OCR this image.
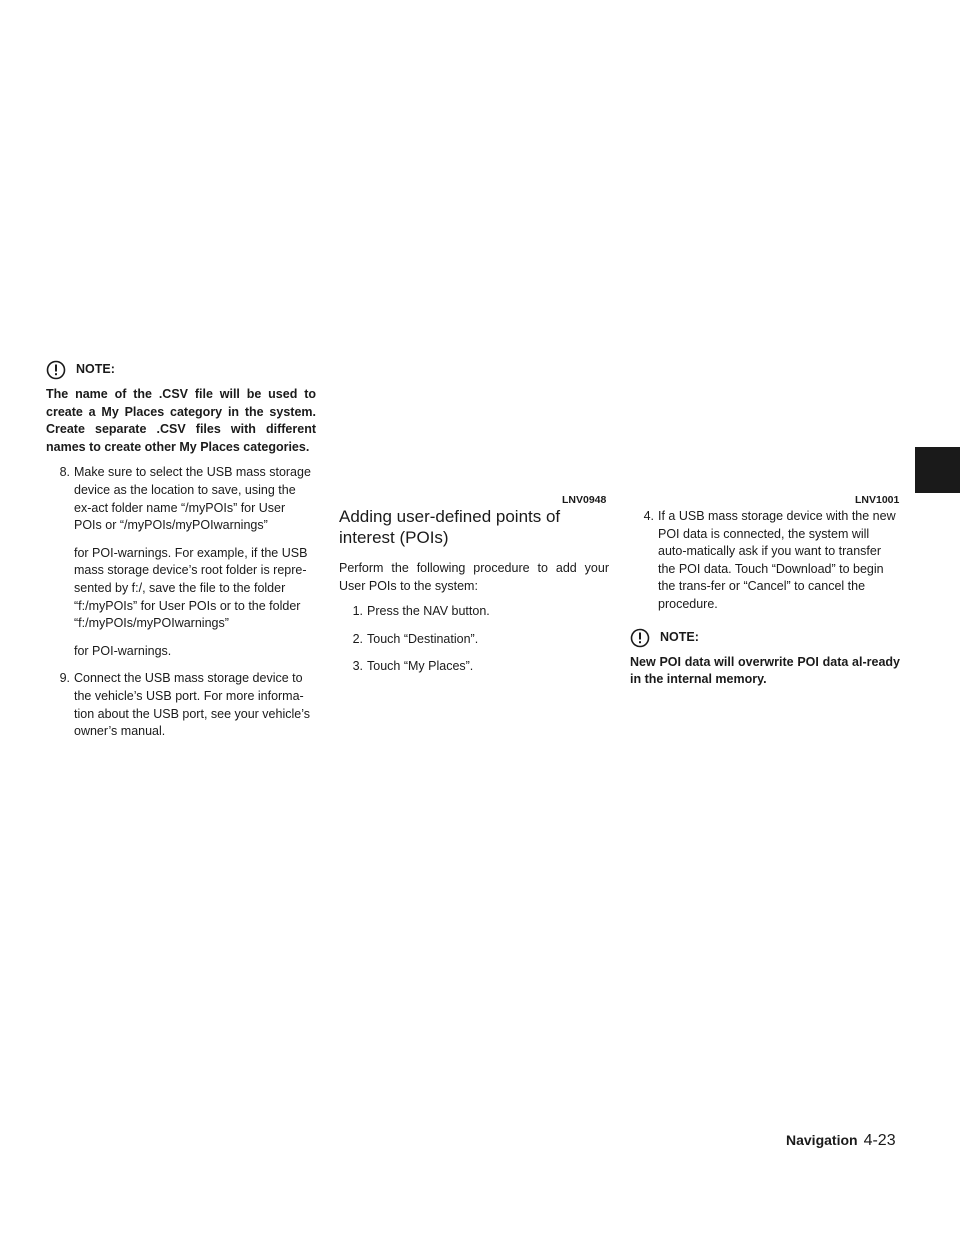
NOTE:
The name of the .CSV file will be used to create a My Places category in the system. Create separate .CSV files with different names to create other My Places categories.
8. Make sure to select the USB mass storage device as the location to save, using the ex-act folder name “/myPOIs” for User POIs or “/myPOIs/myPOIwarnings”
for POI-warnings. For example, if the USB mass storage device’s root folder is repre-sented by f:/, save the file to the folder “f:/myPOIs” for User POIs or to the folder “f:/myPOIs/myPOIwarnings”
for POI-warnings.
9. Connect the USB mass storage device to the vehicle’s USB port. For more informa-tion about the USB port, see your vehicle’s owner’s manual.
LNV0948	LNV1001
Adding user-defined points of interest (POIs)

Perform the following procedure to add your User POIs to the system:

1. Press the NAV button.
2. Touch “Destination”.
3. Touch “My Places”.
4. If a USB mass storage device with the new POI data is connected, the system will auto-matically ask if you want to transfer the POI data. Touch “Download” to begin the trans-fer or “Cancel” to cancel the procedure.
NOTE:
New POI data will overwrite POI data al-ready in the internal memory.
Navigation 4-23
